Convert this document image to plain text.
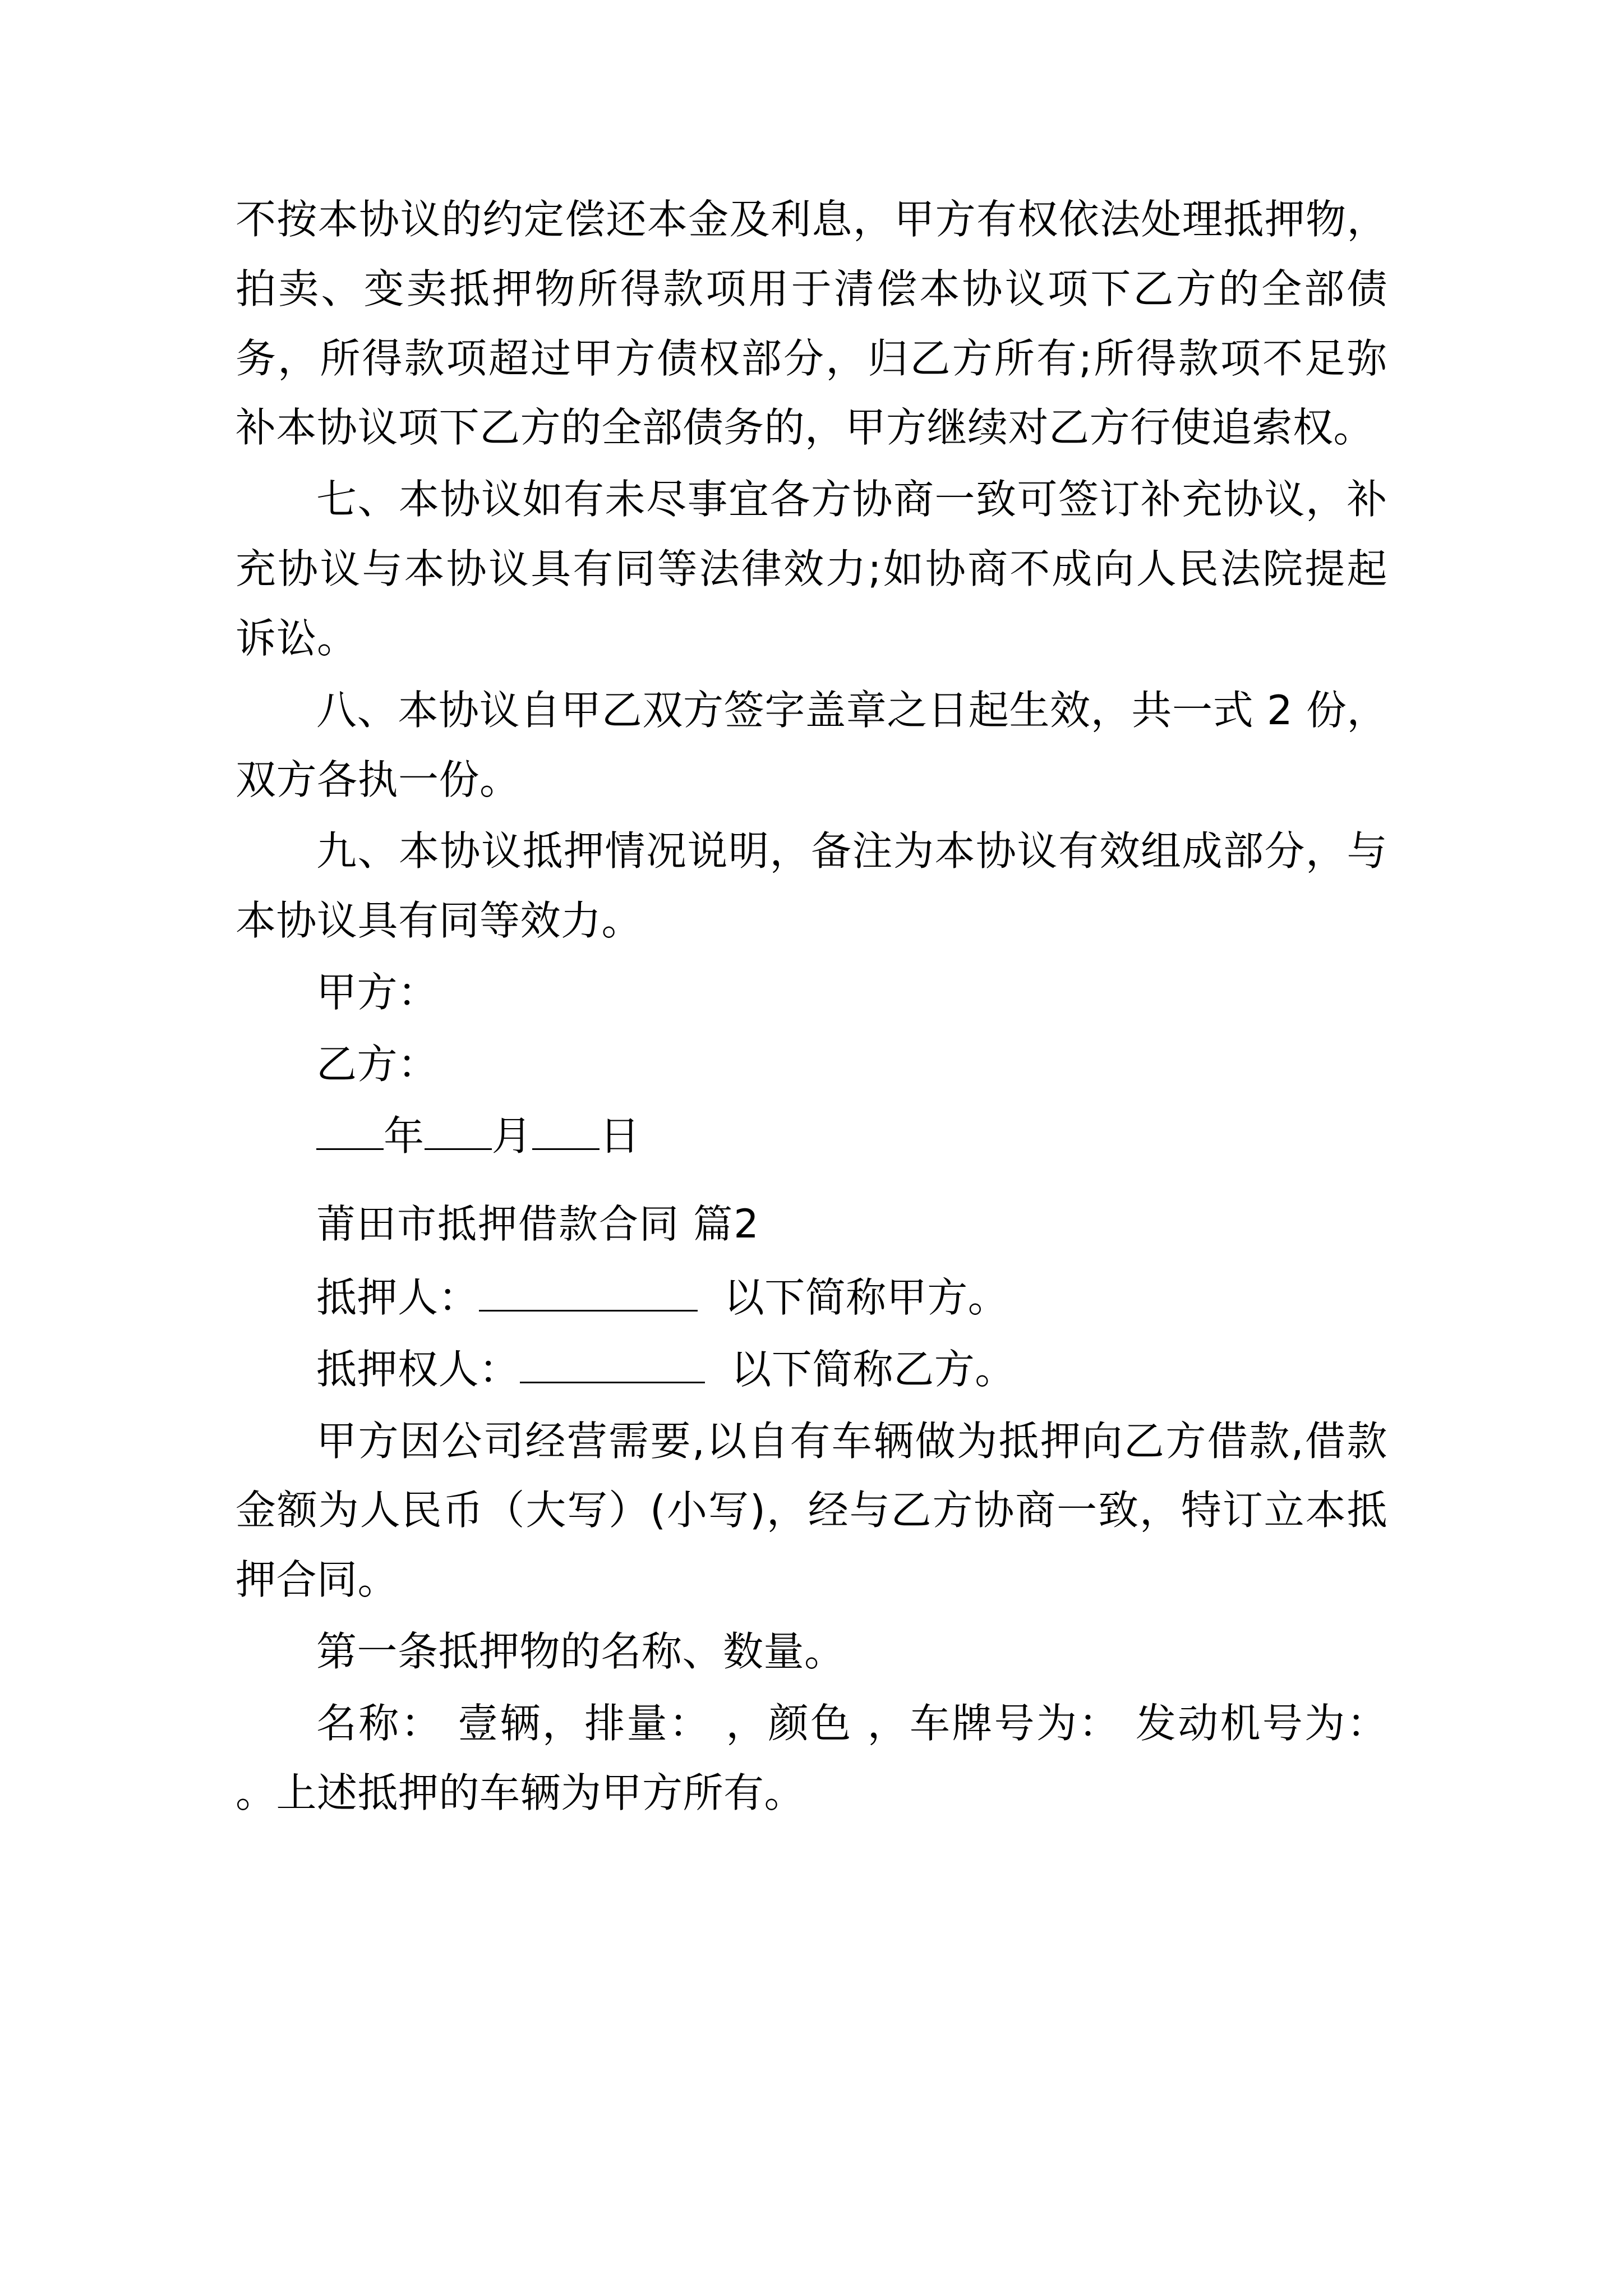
不按本协议的约定偿还本金及利息，甲方有权依法处理抵押物，拍卖、变卖抵押物所得款项用于清偿本协议项下乙方的全部债务，所得款项超过甲方债权部分，归乙方所有;所得款项不足弥补本协议项下乙方的全部债务的，甲方继续对乙方行使追索权。

七、本协议如有未尽事宜各方协商一致可签订补充协议，补充协议与本协议具有同等法律效力;如协商不成向人民法院提起诉讼。

八、本协议自甲乙双方签字盖章之日起生效，共一式 2 份，双方各执一份。

九、本协议抵押情况说明，备注为本协议有效组成部分，与本协议具有同等效力。

甲方：

乙方：

年 月 日

莆田市抵押借款合同 篇2

抵押人：	以下简称甲方。

抵押权人：	以下简称乙方。

甲方因公司经营需要,以自有车辆做为抵押向乙方借款,借款金额为人民币（大写）(小写)，经与乙方协商一致，特订立本抵押合同。

第一条抵押物的名称、数量。

名称： 壹辆，排量： ，颜色 ，车牌号为： 发动机号为： 。上述抵押的车辆为甲方所有。
